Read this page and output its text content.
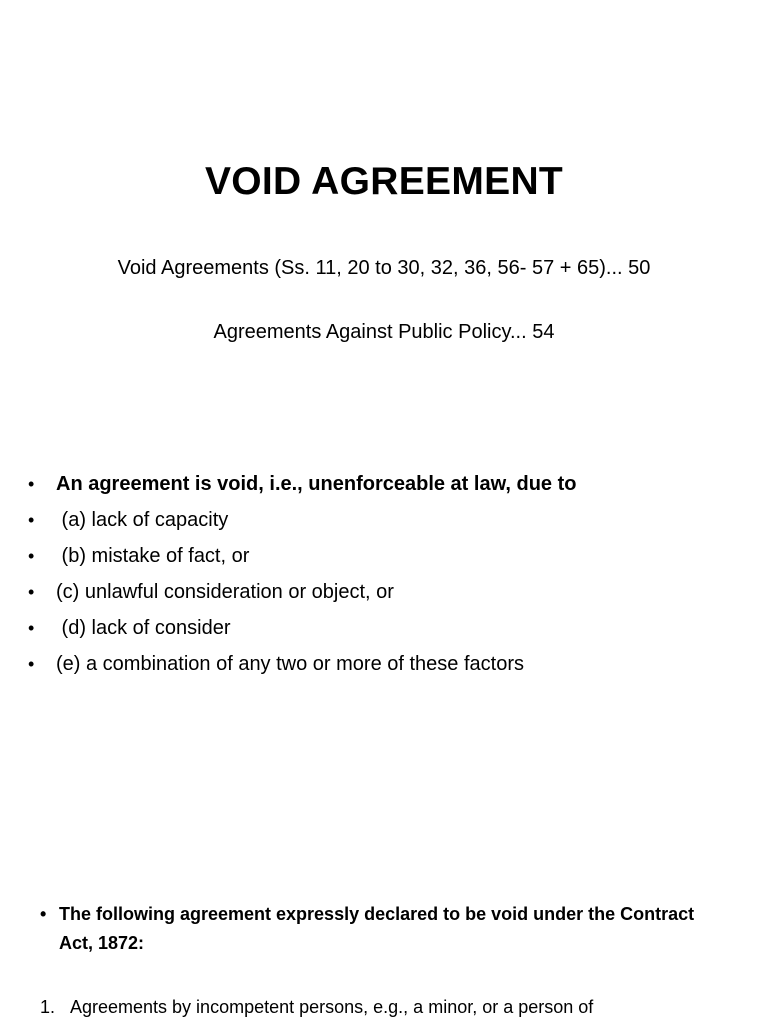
VOID AGREEMENT
Void Agreements (Ss. 11, 20 to 30, 32, 36, 56- 57 + 65)... 50
Agreements Against Public Policy... 54
• An agreement is void, i.e., unenforceable at law, due to
• (a) lack of capacity
• (b) mistake of fact, or
• (c) unlawful consideration or object, or
• (d) lack of consider
• (e) a combination of any two or more of these factors
• The following agreement expressly declared to be void under the Contract Act, 1872:
1. Agreements by incompetent persons, e.g., a minor, or a person of
